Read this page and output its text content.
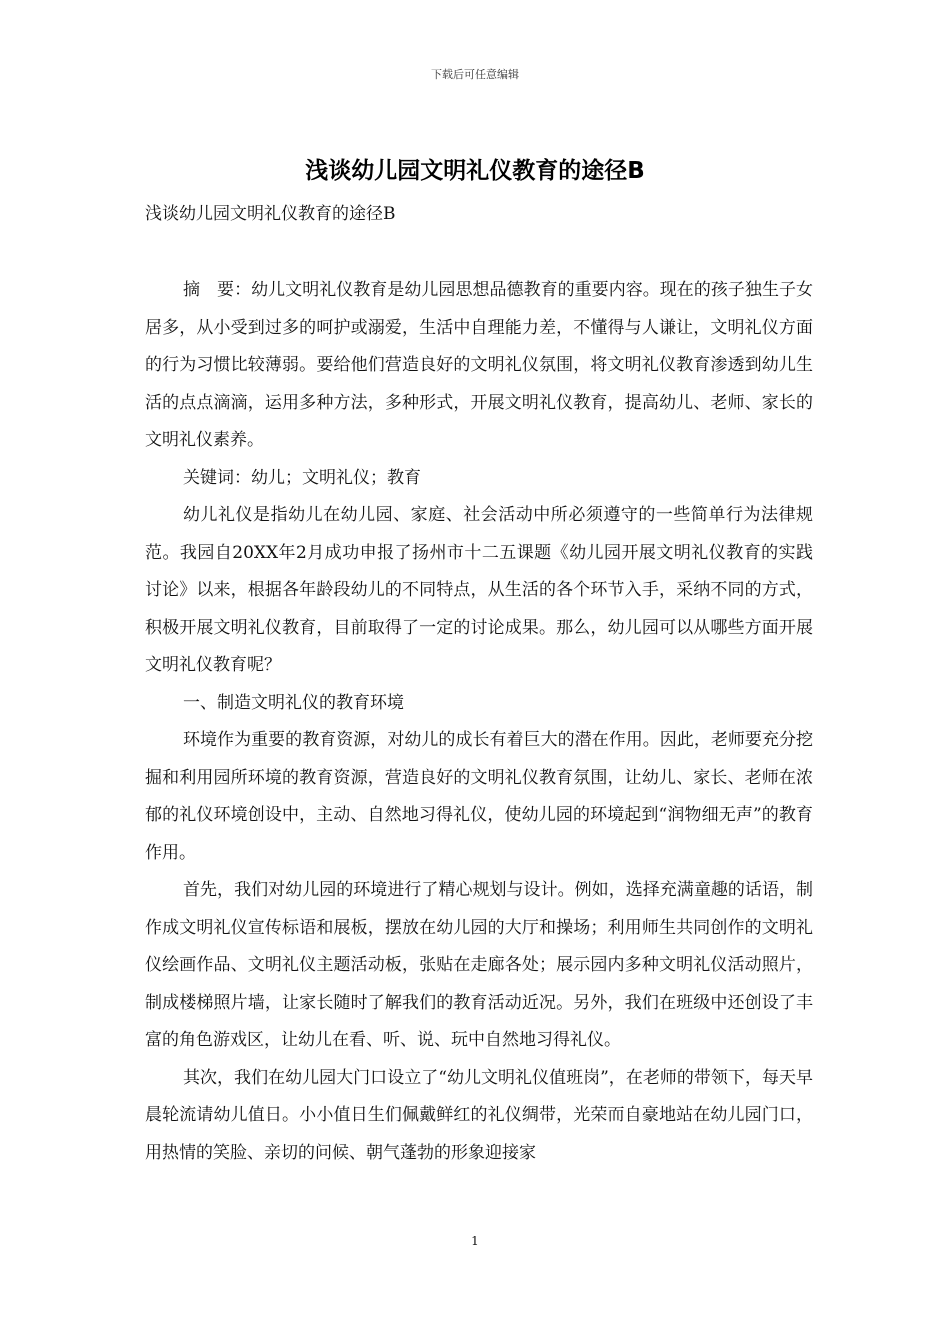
下载后可任意编辑
浅谈幼儿园文明礼仪教育的途径B
浅谈幼儿园文明礼仪教育的途径B

摘　要：幼儿文明礼仪教育是幼儿园思想品德教育的重要内容。现在的孩子独生子女居多，从小受到过多的呵护或溺爱，生活中自理能力差，不懂得与人谦让，文明礼仪方面的行为习惯比较薄弱。要给他们营造良好的文明礼仪氛围，将文明礼仪教育渗透到幼儿生活的点点滴滴，运用多种方法，多种形式，开展文明礼仪教育，提高幼儿、老师、家长的文明礼仪素养。

关键词：幼儿；文明礼仪；教育

幼儿礼仪是指幼儿在幼儿园、家庭、社会活动中所必须遵守的一些简单行为法律规范。我园自20XX年2月成功申报了扬州市十二五课题《幼儿园开展文明礼仪教育的实践讨论》以来，根据各年龄段幼儿的不同特点，从生活的各个环节入手，采纳不同的方式，积极开展文明礼仪教育，目前取得了一定的讨论成果。那么，幼儿园可以从哪些方面开展文明礼仪教育呢？

一、制造文明礼仪的教育环境

环境作为重要的教育资源，对幼儿的成长有着巨大的潜在作用。因此，老师要充分挖掘和利用园所环境的教育资源，营造良好的文明礼仪教育氛围，让幼儿、家长、老师在浓郁的礼仪环境创设中，主动、自然地习得礼仪，使幼儿园的环境起到“润物细无声”的教育作用。

首先，我们对幼儿园的环境进行了精心规划与设计。例如，选择充满童趣的话语，制作成文明礼仪宣传标语和展板，摆放在幼儿园的大厅和操场；利用师生共同创作的文明礼仪绘画作品、文明礼仪主题活动板，张贴在走廊各处；展示园内多种文明礼仪活动照片，制成楼梯照片墙，让家长随时了解我们的教育活动近况。另外，我们在班级中还创设了丰富的角色游戏区，让幼儿在看、听、说、玩中自然地习得礼仪。

其次，我们在幼儿园大门口设立了“幼儿文明礼仪值班岗”，在老师的带领下，每天早晨轮流请幼儿值日。小小值日生们佩戴鲜红的礼仪绸带，光荣而自豪地站在幼儿园门口，用热情的笑脸、亲切的问候、朝气蓬勃的形象迎接家

1
